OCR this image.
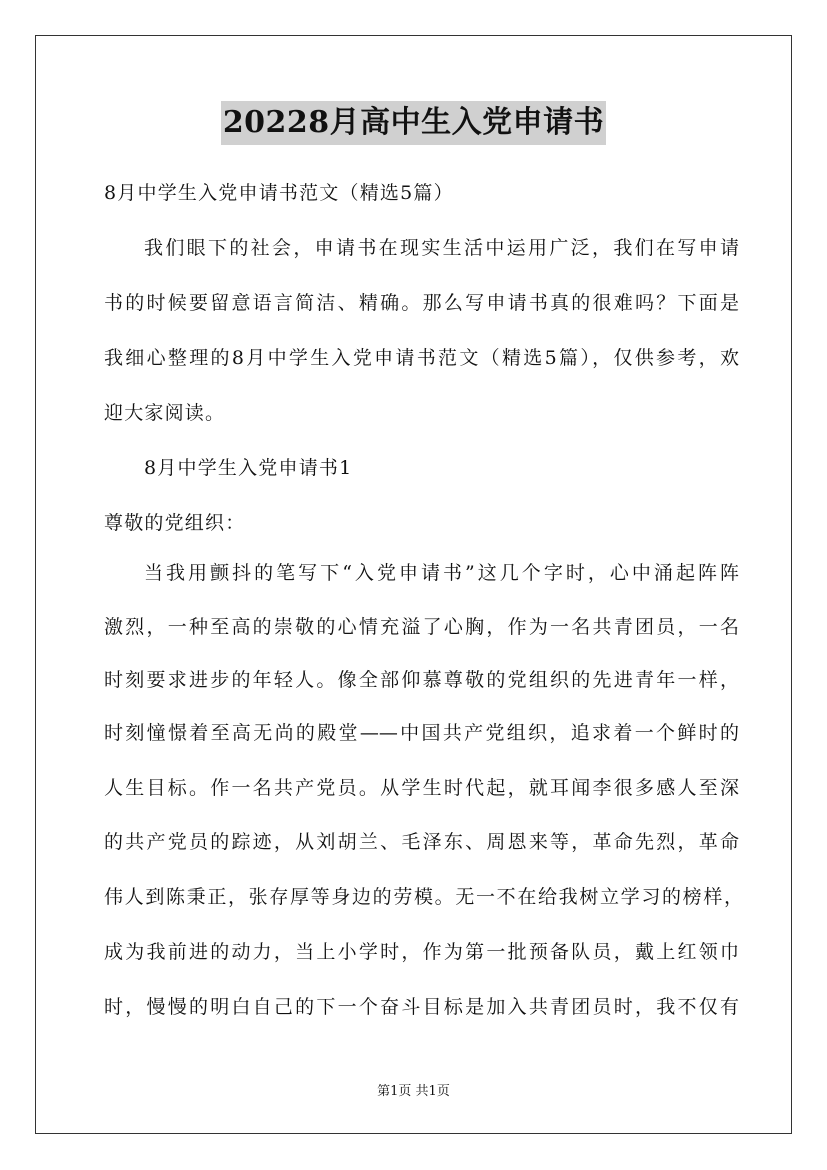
20228月高中生入党申请书
8月中学生入党申请书范文（精选5篇）
我们眼下的社会，申请书在现实生活中运用广泛，我们在写申请
书的时候要留意语言简洁、精确。那么写申请书真的很难吗？下面是
我细心整理的8月中学生入党申请书范文（精选5篇），仅供参考，欢
迎大家阅读。
8月中学生入党申请书1
尊敬的党组织：
当我用颤抖的笔写下“入党申请书”这几个字时，心中涌起阵阵
激烈，一种至高的崇敬的心情充溢了心胸，作为一名共青团员，一名
时刻要求进步的年轻人。像全部仰慕尊敬的党组织的先进青年一样，
时刻憧憬着至高无尚的殿堂——中国共产党组织，追求着一个鲜时的
人生目标。作一名共产党员。从学生时代起，就耳闻李很多感人至深
的共产党员的踪迹，从刘胡兰、毛泽东、周恩来等，革命先烈，革命
伟人到陈秉正，张存厚等身边的劳模。无一不在给我树立学习的榜样，
成为我前进的动力，当上小学时，作为第一批预备队员，戴上红领巾
时，慢慢的明白自己的下一个奋斗目标是加入共青团员时，我不仅有
第1页 共1页
